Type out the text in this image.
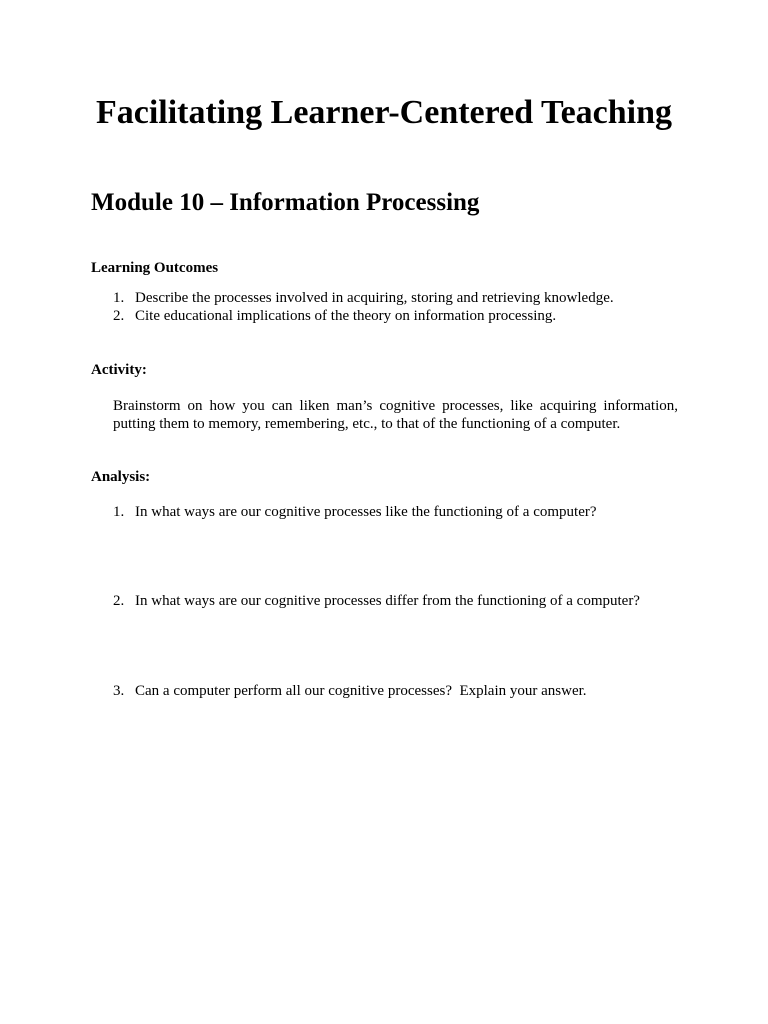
Facilitating Learner-Centered Teaching
Module 10 – Information Processing
Learning Outcomes
1. Describe the processes involved in acquiring, storing and retrieving knowledge.
2. Cite educational implications of the theory on information processing.
Activity:

Brainstorm on how you can liken man’s cognitive processes, like acquiring information, putting them to memory, remembering, etc., to that of the functioning of a computer.

Analysis:
1. In what ways are our cognitive processes like the functioning of a computer?
2. In what ways are our cognitive processes differ from the functioning of a computer?
3. Can a computer perform all our cognitive processes?  Explain your answer.
